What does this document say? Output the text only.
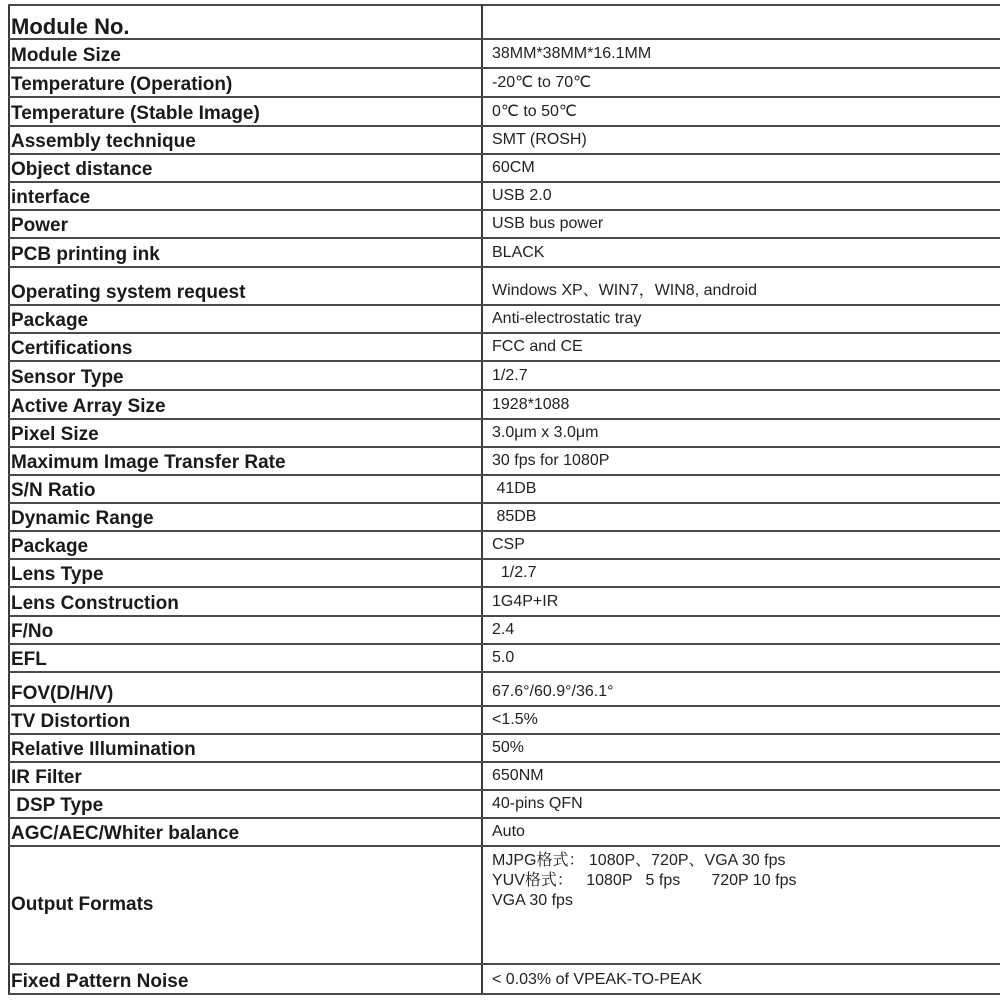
Module No.	
Module Size	38MM*38MM*16.1MM
Temperature (Operation)	-20℃ to 70℃
Temperature (Stable Image)	0℃ to 50℃
Assembly technique	SMT (ROSH)
Object distance	60CM
interface	USB 2.0
Power	USB bus power
PCB printing ink	BLACK
Operating system request	Windows XP、WIN7，WIN8, android
Package	Anti-electrostatic tray
Certifications	FCC and CE
Sensor Type	1/2.7
Active Array Size	1928*1088
Pixel Size	3.0μm x 3.0μm
Maximum Image Transfer Rate	30 fps for 1080P
S/N Ratio	41DB
Dynamic Range	85DB
Package	CSP
Lens Type	1/2.7
Lens Construction	1G4P+IR
F/No	2.4
EFL	5.0
FOV(D/H/V)	67.6°/60.9°/36.1°
TV Distortion	<1.5%
Relative Illumination	50%
IR Filter	650NM
DSP Type	40-pins QFN
AGC/AEC/Whiter balance	Auto
Output Formats	MJPG格式： 1080P、720P、VGA 30 fps
YUV格式：   1080P   5 fps       720P 10 fps
VGA 30 fps

Fixed Pattern Noise	< 0.03% of VPEAK-TO-PEAK
